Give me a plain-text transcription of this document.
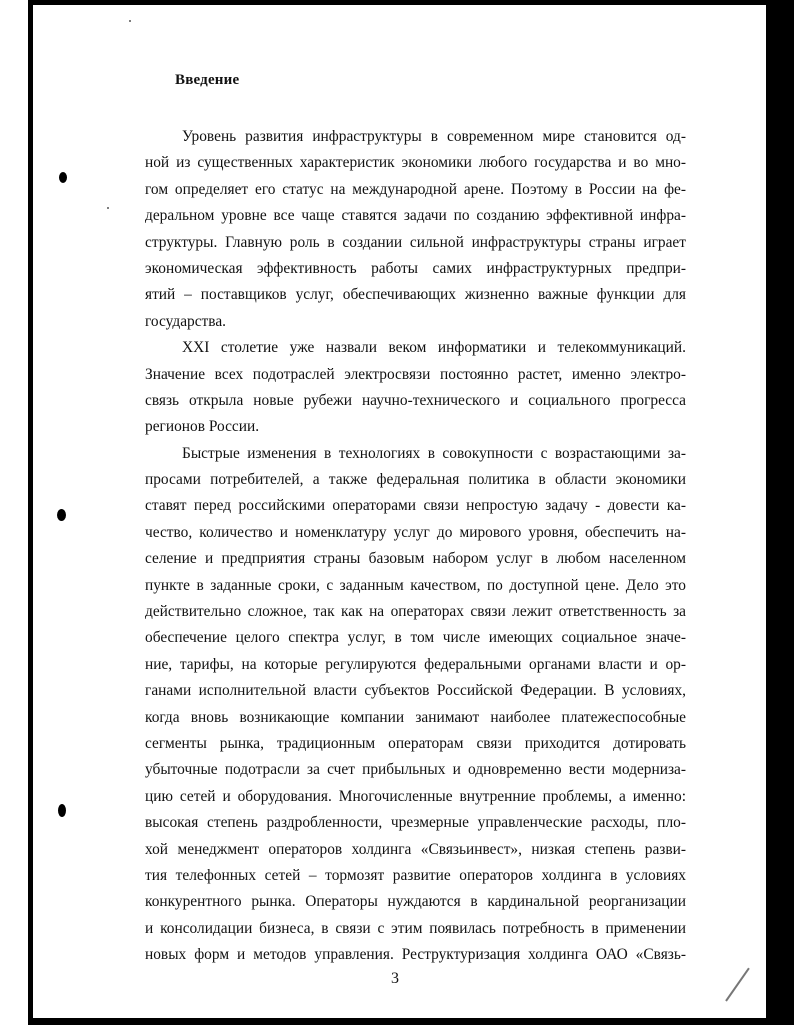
Введение
Уровень развития инфраструктуры в современном мире становится од-
ной из существенных характеристик экономики любого государства и во мно-
гом определяет его статус на международной арене. Поэтому в России на фе-
деральном уровне все чаще ставятся задачи по созданию эффективной инфра-
структуры. Главную роль в создании сильной инфраструктуры страны играет
экономическая эффективность работы самих инфраструктурных предпри-
ятий – поставщиков услуг, обеспечивающих жизненно важные функции для
государства.
XXI столетие уже назвали веком информатики и телекоммуникаций.
Значение всех подотраслей электросвязи постоянно растет, именно электро-
связь открыла новые рубежи научно-технического и социального прогресса
регионов России.
Быстрые изменения в технологиях в совокупности с возрастающими за-
просами потребителей, а также федеральная политика в области экономики
ставят перед российскими операторами связи непростую задачу - довести ка-
чество, количество и номенклатуру услуг до мирового уровня, обеспечить на-
селение и предприятия страны базовым набором услуг в любом населенном
пункте в заданные сроки, с заданным качеством, по доступной цене. Дело это
действительно сложное, так как на операторах связи лежит ответственность за
обеспечение целого спектра услуг, в том числе имеющих социальное значе-
ние, тарифы, на которые регулируются федеральными органами власти и ор-
ганами исполнительной власти субъектов Российской Федерации. В условиях,
когда вновь возникающие компании занимают наиболее платежеспособные
сегменты рынка, традиционным операторам связи приходится дотировать
убыточные подотрасли за счет прибыльных и одновременно вести модерниза-
цию сетей и оборудования. Многочисленные внутренние проблемы, а именно:
высокая степень раздробленности, чрезмерные управленческие расходы, пло-
хой менеджмент операторов холдинга «Связьинвест», низкая степень разви-
тия телефонных сетей – тормозят развитие операторов холдинга в условиях
конкурентного рынка. Операторы нуждаются в кардинальной реорганизации
и консолидации бизнеса, в связи с этим появилась потребность в применении
новых форм и методов управления. Реструктуризация холдинга ОАО «Связь-
3
